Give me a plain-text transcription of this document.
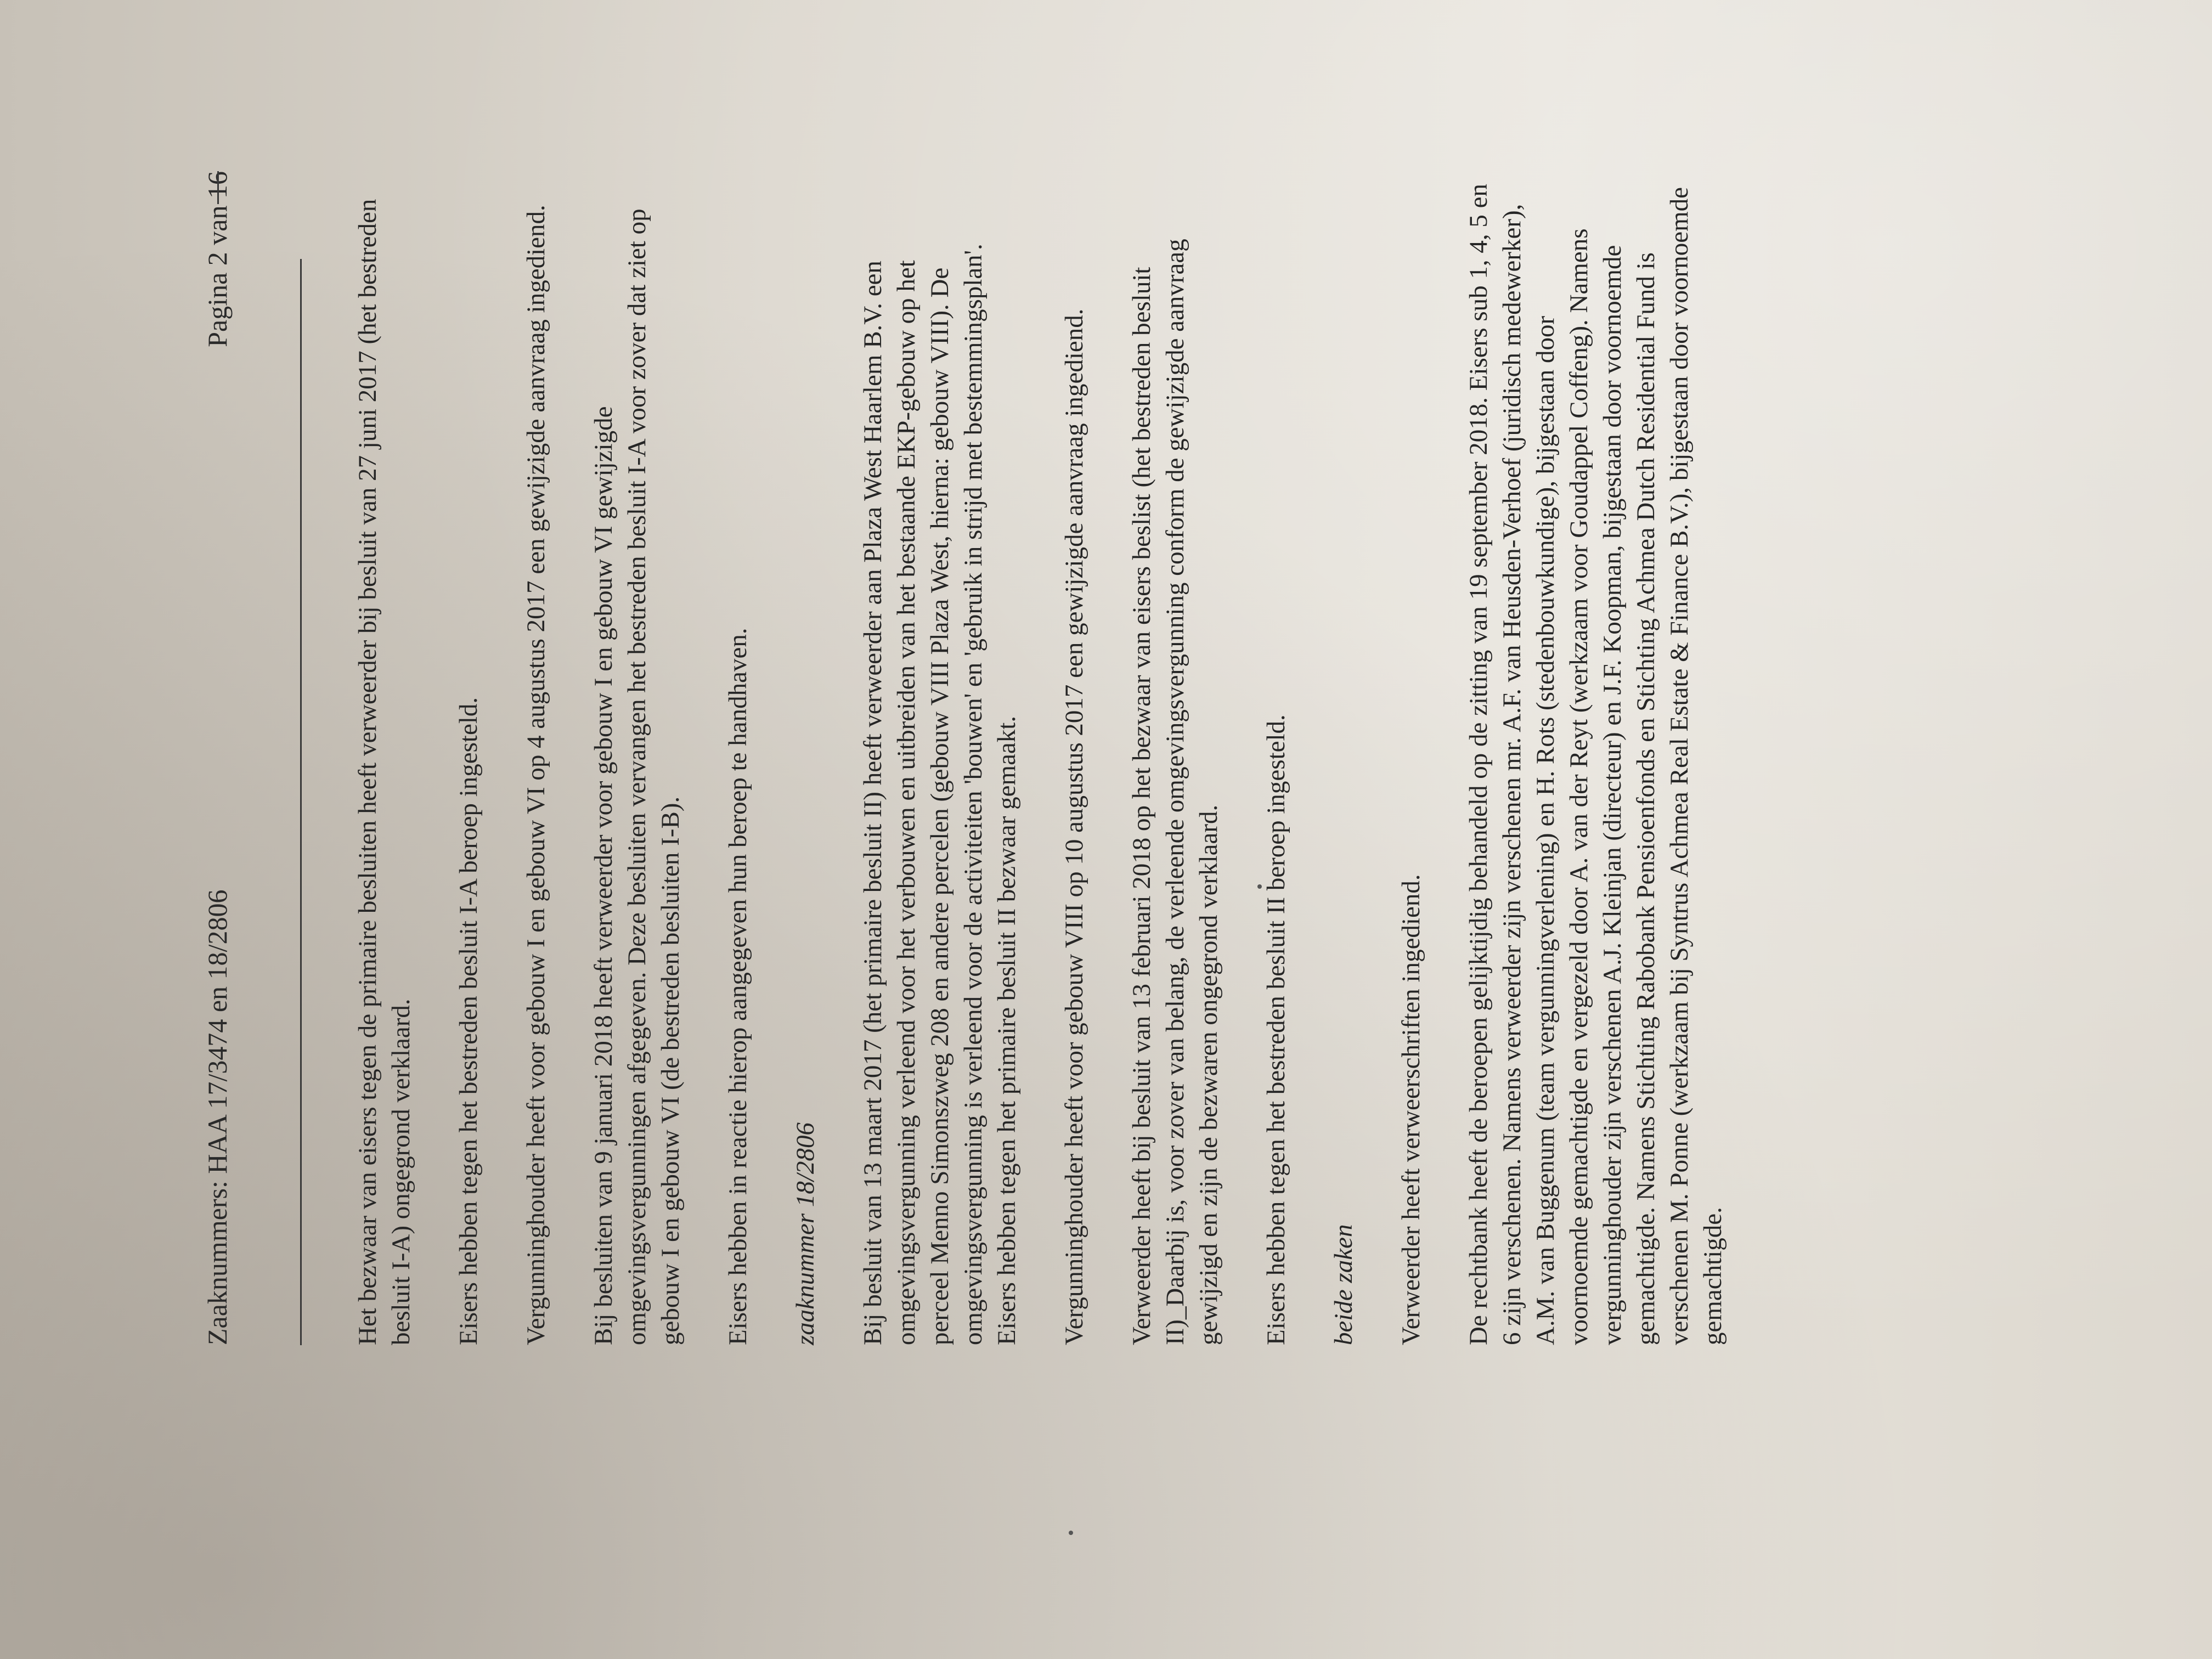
Zaaknummers: HAA 17/3474 en 18/2806
Pagina 2 van 16	Het bezwaar van eisers tegen de primaire besluiten heeft verweerder bij besluit van 27 juni 2017 (het bestreden besluit I-A) ongegrond verklaard. Eisers hebben tegen het bestreden besluit I-A beroep ingesteld. Vergunninghouder heeft voor gebouw I en gebouw VI op 4 augustus 2017 een gewijzigde aanvraag ingediend. Bij besluiten van 9 januari 2018 heeft verweerder voor gebouw I en gebouw VI gewijzigde omgevingsvergunningen afgegeven. Deze besluiten vervangen het bestreden besluit I-A voor zover dat ziet op gebouw I en gebouw VI (de bestreden besluiten I-B). Eisers hebben in reactie hierop aangegeven hun beroep te handhaven. zaaknummer 18/2806 Bij besluit van 13 maart 2017 (het primaire besluit II) heeft verweerder aan Plaza West Haarlem B.V. een omgevingsvergunning verleend voor het verbouwen en uitbreiden van het bestaande EKP-gebouw op het perceel Menno Simonszweg 208 en andere percelen (gebouw VIII Plaza West, hierna: gebouw VIII). De omgevingsvergunning is verleend voor de activiteiten 'bouwen' en 'gebruik in strijd met bestemmingsplan'. Eisers hebben tegen het primaire besluit II bezwaar gemaakt. Vergunninghouder heeft voor gebouw VIII op 10 augustus 2017 een gewijzigde aanvraag ingediend. Verweerder heeft bij besluit van 13 februari 2018 op het bezwaar van eisers beslist (het bestreden besluit II)_Daarbij is, voor zover van belang, de verleende omgevingsvergunning conform de gewijzigde aanvraag gewijzigd en zijn de bezwaren ongegrond verklaard. Eisers hebben tegen het bestreden besluit II beroep ingesteld. beide zaken Verweerder heeft verweerschriften ingediend. De rechtbank heeft de beroepen gelijktijdig behandeld op de zitting van 19 september 2018. Eisers sub 1, 4, 5 en 6 zijn verschenen. Namens verweerder zijn verschenen mr. A.F. van Heusden-Verhoef (juridisch medewerker), A.M. van Buggenum (team vergunningverlening) en H. Rots (stedenbouwkundige), bijgestaan door voornoemde gemachtigde en vergezeld door A. van der Reyt (werkzaam voor Goudappel Coffeng). Namens vergunninghouder zijn verschenen A.J. Kleinjan (directeur) en J.F. Koopman, bijgestaan door voornoemde gemachtigde. Namens Stichting Rabobank Pensioenfonds en Stichting Achmea Dutch Residential Fund is verschenen M. Ponne (werkzaam bij Syntrus Achmea Real Estate & Finance B.V.), bijgestaan door voornoemde gemachtigde.
